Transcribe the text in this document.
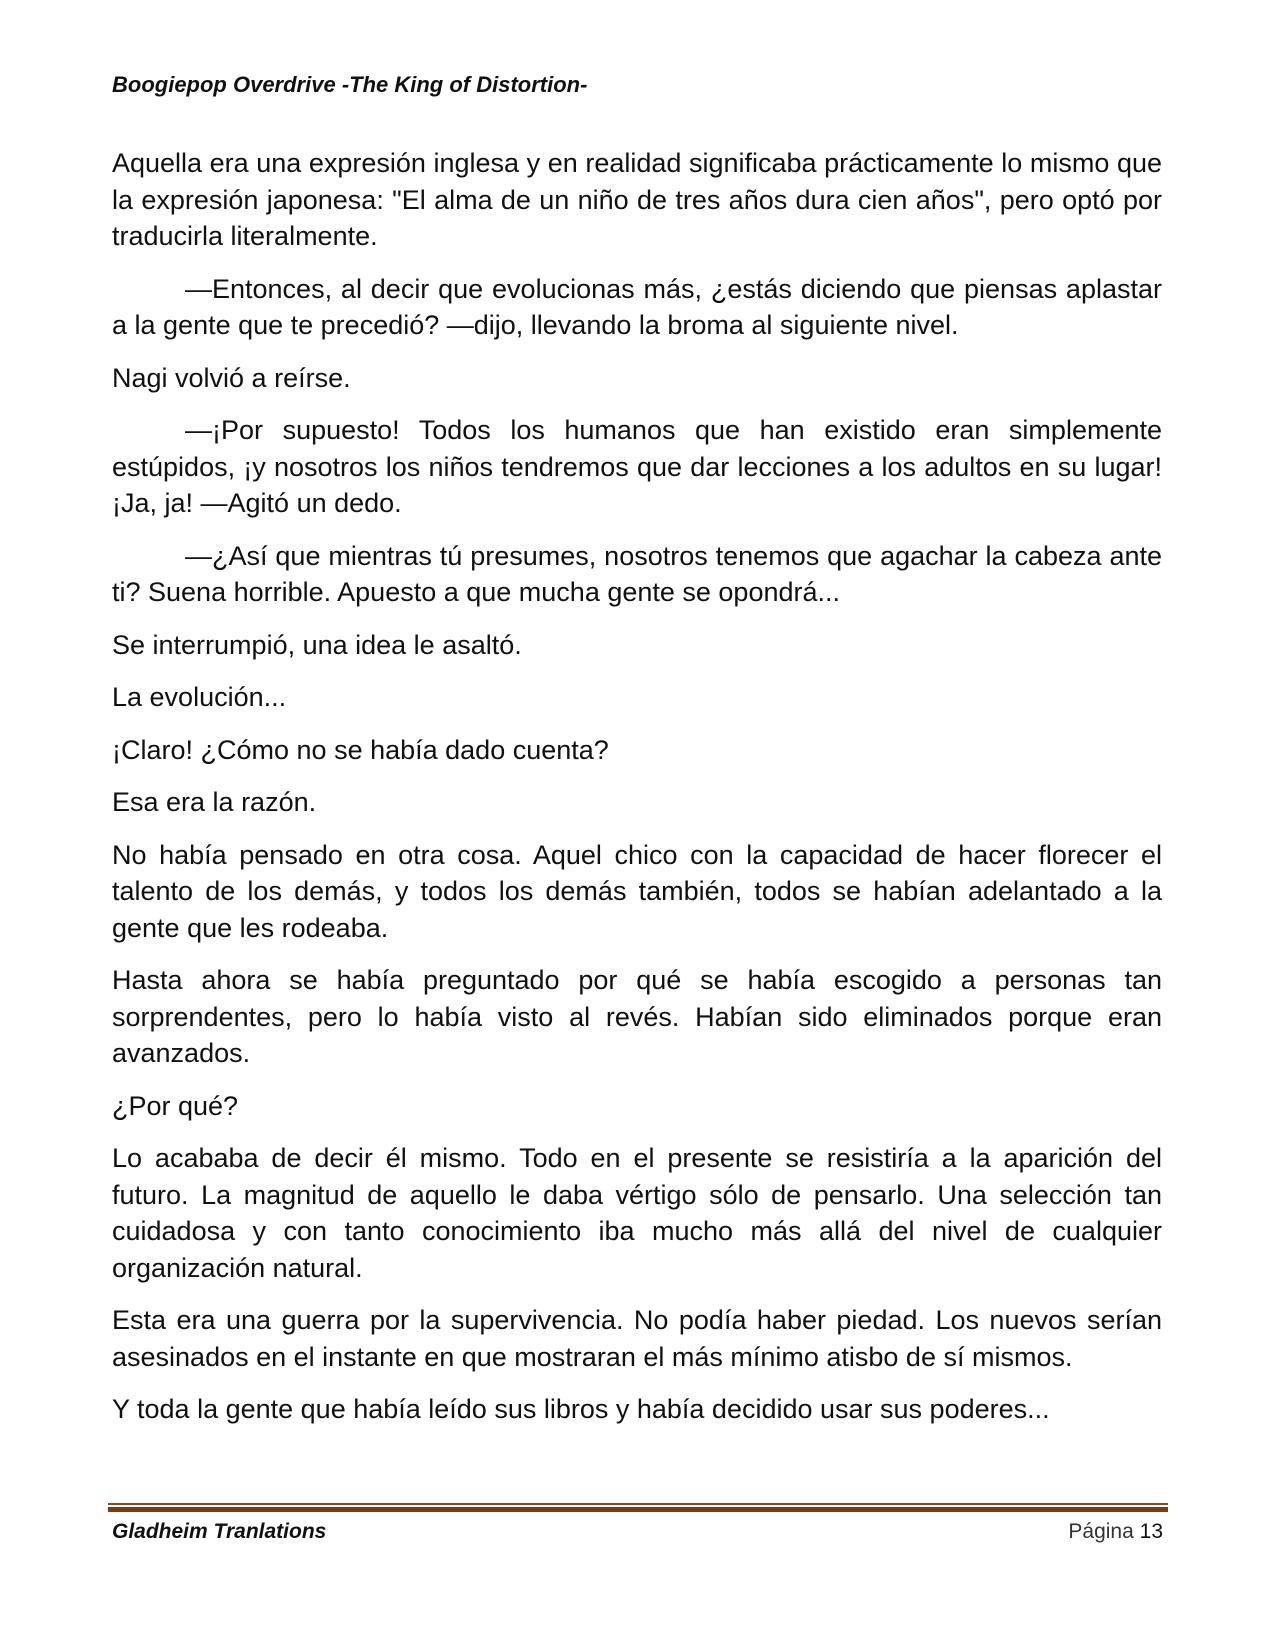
Boogiepop Overdrive -The King of Distortion-

Aquella era una expresión inglesa y en realidad significaba prácticamente lo mismo que la expresión japonesa: "El alma de un niño de tres años dura cien años", pero optó por traducirla literalmente.

—Entonces, al decir que evolucionas más, ¿estás diciendo que piensas aplastar a la gente que te precedió? —dijo, llevando la broma al siguiente nivel.

Nagi volvió a reírse.

—¡Por supuesto! Todos los humanos que han existido eran simplemente estúpidos, ¡y nosotros los niños tendremos que dar lecciones a los adultos en su lugar! ¡Ja, ja! —Agitó un dedo.

—¿Así que mientras tú presumes, nosotros tenemos que agachar la cabeza ante ti? Suena horrible. Apuesto a que mucha gente se opondrá...

Se interrumpió, una idea le asaltó.

La evolución...

¡Claro! ¿Cómo no se había dado cuenta?

Esa era la razón.

No había pensado en otra cosa. Aquel chico con la capacidad de hacer florecer el talento de los demás, y todos los demás también, todos se habían adelantado a la gente que les rodeaba.

Hasta ahora se había preguntado por qué se había escogido a personas tan sorprendentes, pero lo había visto al revés. Habían sido eliminados porque eran avanzados.

¿Por qué?

Lo acababa de decir él mismo. Todo en el presente se resistiría a la aparición del futuro. La magnitud de aquello le daba vértigo sólo de pensarlo. Una selección tan cuidadosa y con tanto conocimiento iba mucho más allá del nivel de cualquier organización natural.

Esta era una guerra por la supervivencia. No podía haber piedad. Los nuevos serían asesinados en el instante en que mostraran el más mínimo atisbo de sí mismos.

Y toda la gente que había leído sus libros y había decidido usar sus poderes...

Gladheim Tranlations	Página 13
